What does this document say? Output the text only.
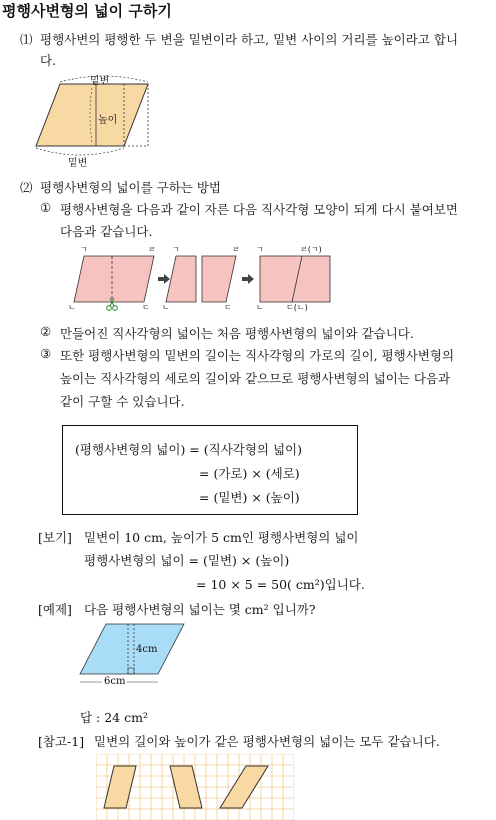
평행사변형의 넓이 구하기
⑴ 평행사변의 평행한 두 변을 밑변이라 하고, 밑변 사이의 거리를 높이라고 합니
다.
밑변
높이
밑변
⑵ 평행사변형의 넓이를 구하는 방법
① 평행사변형을 다음과 같이 자른 다음 직사각형 모양이 되게 다시 붙여보면
다음과 같습니다.
ㄱ	ㄹ
ㄴ	ㄷ
ㄱ	ㄹ
ㄴ	ㄷ
ㄱ	ㄹ(ㄱ)
ㄴ	ㄷ(ㄴ)
② 만들어진 직사각형의 넓이는 처음 평행사변형의 넓이와 같습니다.
③ 또한 평행사변형의 밑변의 길이는 직사각형의 가로의 길이, 평행사변형의
높이는 직사각형의 세로의 길이와 같으므로 평행사변형의 넓이는 다음과
같이 구할 수 있습니다.
(평행사변형의 넓이) = (직사각형의 넓이)
= (가로) × (세로)
= (밑변) × (높이)
[보기] 밑변이 10 cm, 높이가 5 cm인 평행사변형의 넓이
평행사변형의 넓이 = (밑변) × (높이)
= 10 × 5 = 50( cm²)입니다.
[예제] 다음 평행사변형의 넓이는 몇 cm² 입니까?
4cm
6cm
답 : 24 cm²
[참고-1] 밑변의 길이와 높이가 같은 평행사변형의 넓이는 모두 같습니다.
